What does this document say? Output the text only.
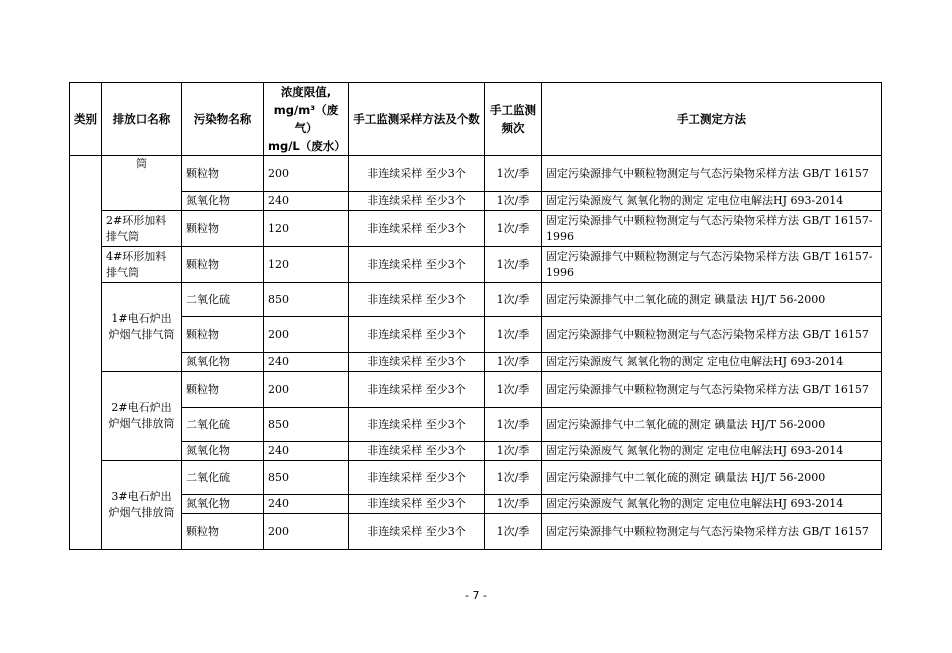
类别	排放口名称	污染物名称	浓度限值,
mg/m³（废气）
mg/L（废水）	手工监测采样方法及个数	手工监测频次	手工测定方法
	筒	颗粒物	200	非连续采样 至少3个	1次/季	固定污染源排气中颗粒物测定与气态污染物采样方法 GB/T 16157
		氮氧化物	240	非连续采样 至少3个	1次/季	固定污染源废气 氮氧化物的测定 定电位电解法HJ 693-2014
	2#环形加料排气筒	颗粒物	120	非连续采样 至少3个	1次/季	固定污染源排气中颗粒物测定与气态污染物采样方法 GB/T 16157-1996
	4#环形加料排气筒	颗粒物	120	非连续采样 至少3个	1次/季	固定污染源排气中颗粒物测定与气态污染物采样方法 GB/T 16157-1996
	1#电石炉出炉烟气排气筒	二氧化硫	850	非连续采样 至少3个	1次/季	固定污染源排气中二氧化硫的测定 碘量法 HJ/T 56-2000
		颗粒物	200	非连续采样 至少3个	1次/季	固定污染源排气中颗粒物测定与气态污染物采样方法 GB/T 16157
		氮氧化物	240	非连续采样 至少3个	1次/季	固定污染源废气 氮氧化物的测定 定电位电解法HJ 693-2014
	2#电石炉出炉烟气排放筒	颗粒物	200	非连续采样 至少3个	1次/季	固定污染源排气中颗粒物测定与气态污染物采样方法 GB/T 16157
		二氧化硫	850	非连续采样 至少3个	1次/季	固定污染源排气中二氧化硫的测定 碘量法 HJ/T 56-2000
		氮氧化物	240	非连续采样 至少3个	1次/季	固定污染源废气 氮氧化物的测定 定电位电解法HJ 693-2014
	3#电石炉出炉烟气排放筒	二氧化硫	850	非连续采样 至少3个	1次/季	固定污染源排气中二氧化硫的测定 碘量法 HJ/T 56-2000
		氮氧化物	240	非连续采样 至少3个	1次/季	固定污染源废气 氮氧化物的测定 定电位电解法HJ 693-2014
		颗粒物	200	非连续采样 至少3个	1次/季	固定污染源排气中颗粒物测定与气态污染物采样方法 GB/T 16157
- 7 -
